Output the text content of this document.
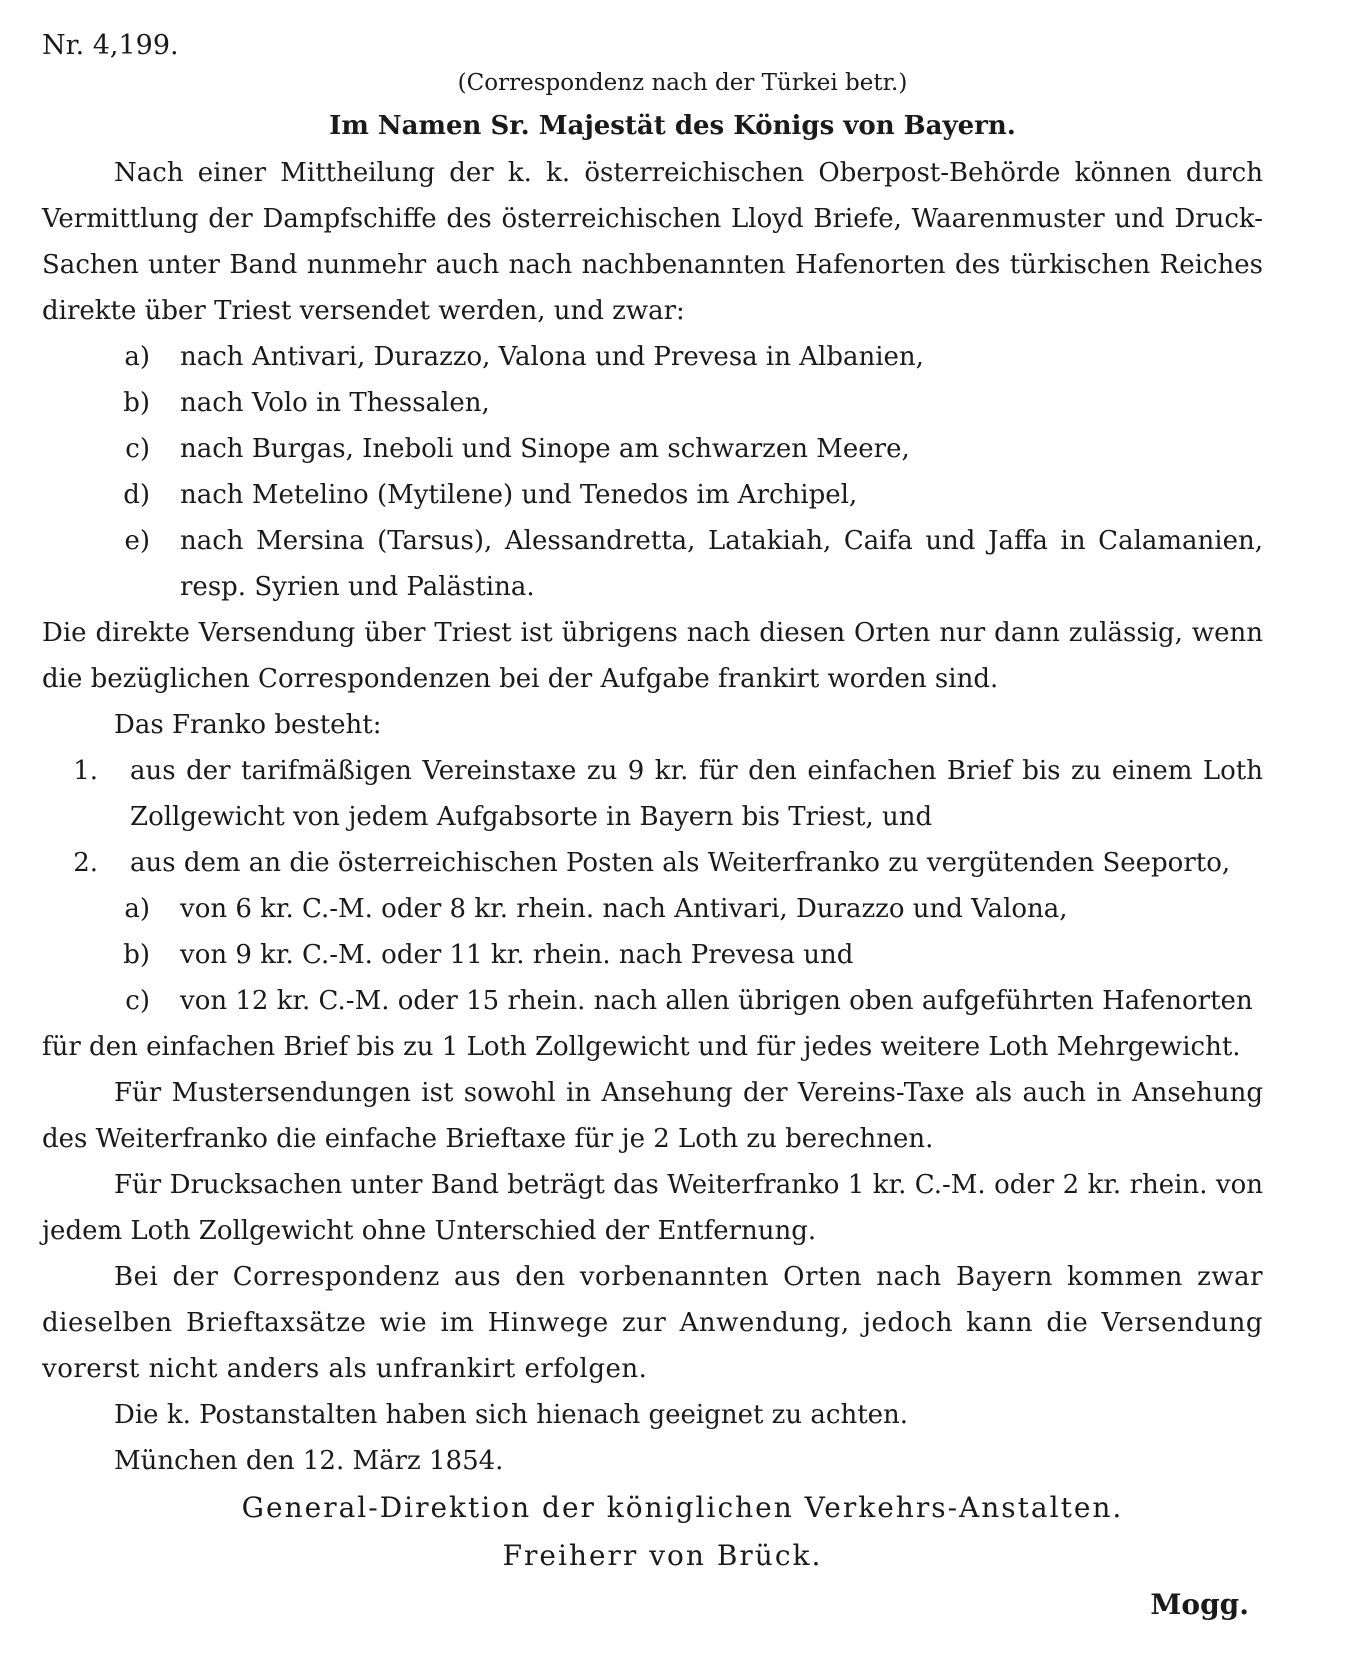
Nr. 4,199.
(Correspondenz nach der Türkei betr.)
Im Namen Sr. Majestät des Königs von Bayern.

Nach einer Mittheilung der k. k. österreichischen Oberpost-Behörde können durch Vermittlung der Dampfschiffe des österreichischen Lloyd Briefe, Waarenmuster und Druck-Sachen unter Band nunmehr auch nach nachbenannten Hafenorten des türkischen Reiches direkte über Triest versendet werden, und zwar:

a)	nach Antivari, Durazzo, Valona und Prevesa in Albanien,
b)	nach Volo in Thessalen,
c)	nach Burgas, Ineboli und Sinope am schwarzen Meere,
d)	nach Metelino (Mytilene) und Tenedos im Archipel,
e)	nach Mersina (Tarsus), Alessandretta, Latakiah, Caifa und Jaffa in Calamanien, resp. Syrien und Palästina.

Die direkte Versendung über Triest ist übrigens nach diesen Orten nur dann zulässig, wenn die bezüglichen Correspondenzen bei der Aufgabe frankirt worden sind.

Das Franko besteht:

1.	aus der tarifmäßigen Vereinstaxe zu 9 kr. für den einfachen Brief bis zu einem Loth Zollgewicht von jedem Aufgabsorte in Bayern bis Triest, und
2.	aus dem an die österreichischen Posten als Weiterfranko zu vergütenden Seeporto,
a)	von 6 kr. C.-M. oder 8 kr. rhein. nach Antivari, Durazzo und Valona,
b)	von 9 kr. C.-M. oder 11 kr. rhein. nach Prevesa und
c)	von 12 kr. C.-M. oder 15 rhein. nach allen übrigen oben aufgeführten Hafenorten

für den einfachen Brief bis zu 1 Loth Zollgewicht und für jedes weitere Loth Mehrgewicht.

Für Mustersendungen ist sowohl in Ansehung der Vereins-Taxe als auch in Ansehung des Weiterfranko die einfache Brieftaxe für je 2 Loth zu berechnen.

Für Drucksachen unter Band beträgt das Weiterfranko 1 kr. C.-M. oder 2 kr. rhein. von jedem Loth Zollgewicht ohne Unterschied der Entfernung.

Bei der Correspondenz aus den vorbenannten Orten nach Bayern kommen zwar dieselben Brieftaxsätze wie im Hinwege zur Anwendung, jedoch kann die Versendung vorerst nicht anders als unfrankirt erfolgen.

Die k. Postanstalten haben sich hienach geeignet zu achten.

München den 12. März 1854.

General-Direktion der königlichen Verkehrs-Anstalten.
Freiherr von Brück.
Mogg.
